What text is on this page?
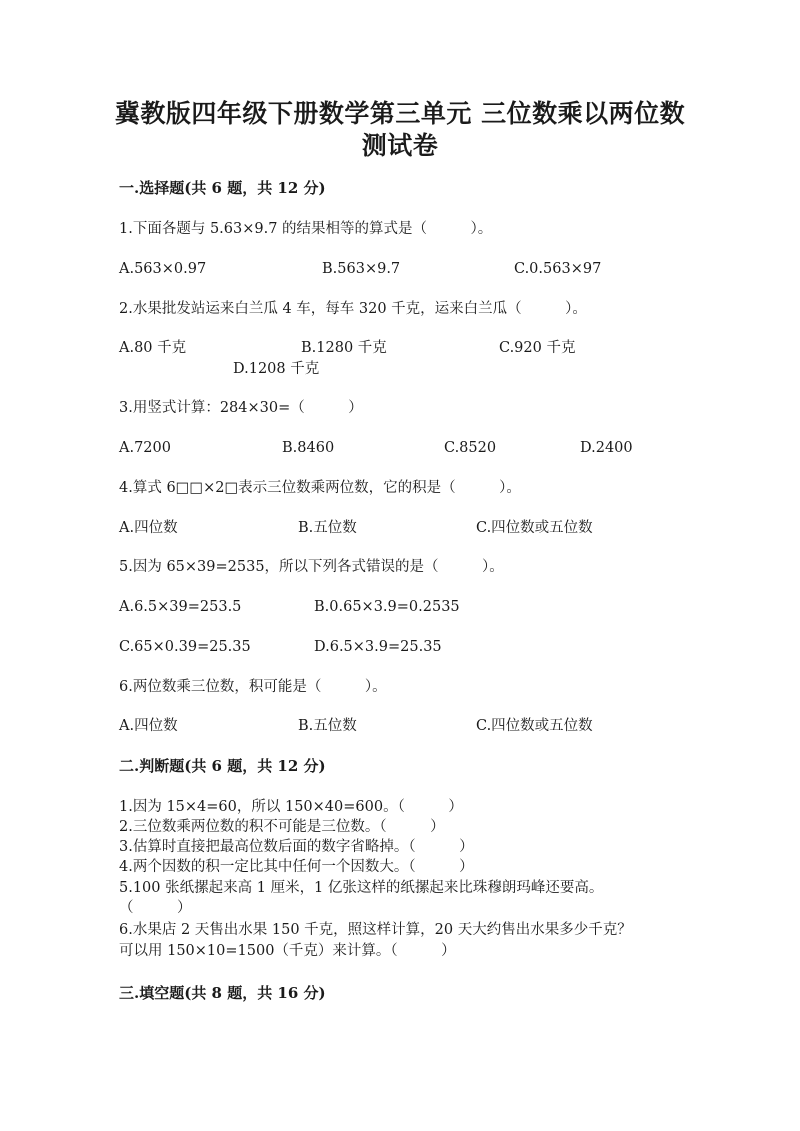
冀教版四年级下册数学第三单元 三位数乘以两位数
测试卷
一.选择题(共 6 题，共 12 分)
1.下面各题与 5.63×9.7 的结果相等的算式是（　　　）。
A.563×0.97	B.563×9.7	C.0.563×97
2.水果批发站运来白兰瓜 4 车，每车 320 千克，运来白兰瓜（　　　）。
A.80 千克	B.1280 千克	C.920 千克
D.1208 千克
3.用竖式计算：284×30=（　　　）
A.7200	B.8460	C.8520	D.2400
4.算式 6□□×2□表示三位数乘两位数，它的积是（　　　）。
A.四位数	B.五位数	C.四位数或五位数
5.因为 65×39=2535，所以下列各式错误的是（　　　）。
A.6.5×39=253.5	B.0.65×3.9=0.2535
C.65×0.39=25.35	D.6.5×3.9=25.35
6.两位数乘三位数，积可能是（　　　）。
A.四位数	B.五位数	C.四位数或五位数
二.判断题(共 6 题，共 12 分)
1.因为 15×4=60，所以 150×40=600。（　　　）
2.三位数乘两位数的积不可能是三位数。（　　　）
3.估算时直接把最高位数后面的数字省略掉。（　　　）
4.两个因数的积一定比其中任何一个因数大。（　　　）
5.100 张纸摞起来高 1 厘米，1 亿张这样的纸摞起来比珠穆朗玛峰还要高。
（　　　）
6.水果店 2 天售出水果 150 千克，照这样计算，20 天大约售出水果多少千克？
可以用 150×10=1500（千克）来计算。（　　　）
三.填空题(共 8 题，共 16 分)
